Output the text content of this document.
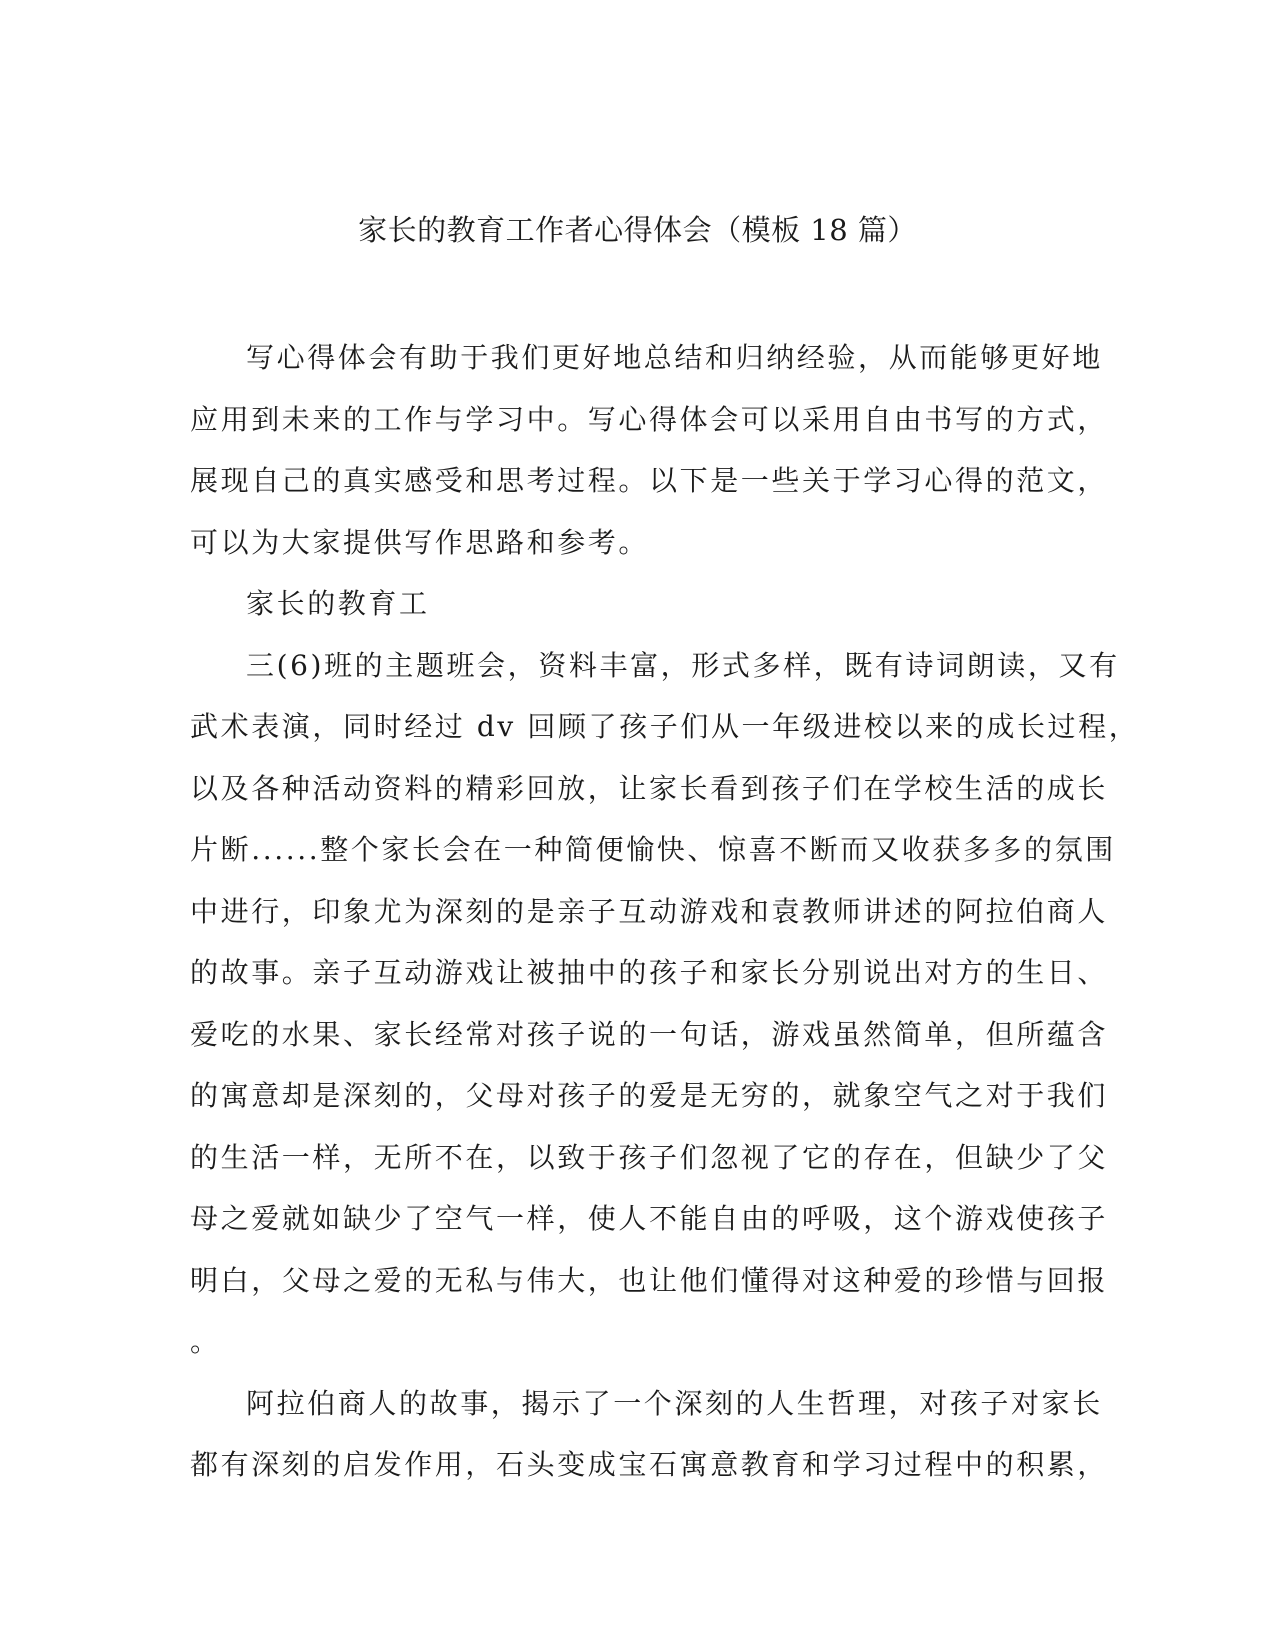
家长的教育工作者心得体会（模板 18 篇）

写心得体会有助于我们更好地总结和归纳经验，从而能够更好地
应用到未来的工作与学习中。写心得体会可以采用自由书写的方式，
展现自己的真实感受和思考过程。以下是一些关于学习心得的范文，
可以为大家提供写作思路和参考。

家长的教育工

三(6)班的主题班会，资料丰富，形式多样，既有诗词朗读，又有
武术表演，同时经过 dv 回顾了孩子们从一年级进校以来的成长过程，
以及各种活动资料的精彩回放，让家长看到孩子们在学校生活的成长
片断......整个家长会在一种简便愉快、惊喜不断而又收获多多的氛围
中进行，印象尤为深刻的是亲子互动游戏和袁教师讲述的阿拉伯商人
的故事。亲子互动游戏让被抽中的孩子和家长分别说出对方的生日、
爱吃的水果、家长经常对孩子说的一句话，游戏虽然简单，但所蕴含
的寓意却是深刻的，父母对孩子的爱是无穷的，就象空气之对于我们
的生活一样，无所不在，以致于孩子们忽视了它的存在，但缺少了父
母之爱就如缺少了空气一样，使人不能自由的呼吸，这个游戏使孩子
明白，父母之爱的无私与伟大，也让他们懂得对这种爱的珍惜与回报
。

阿拉伯商人的故事，揭示了一个深刻的人生哲理，对孩子对家长
都有深刻的启发作用，石头变成宝石寓意教育和学习过程中的积累，
